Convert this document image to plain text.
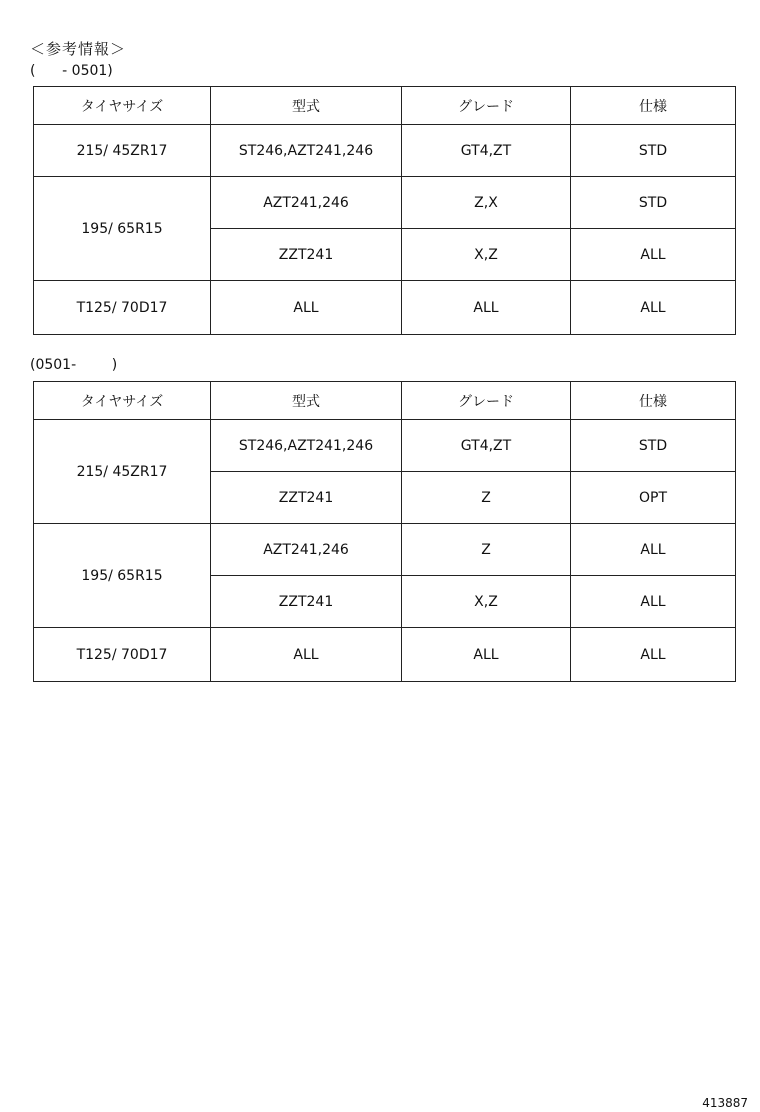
＜参考情報＞
(      - 0501)
タイヤサイズ	型式	グレード	仕様
215/ 45ZR17	ST246,AZT241,246	GT4,ZT	STD
195/ 65R15	AZT241,246	Z,X	STD
	ZZT241	X,Z	ALL
T125/ 70D17	ALL	ALL	ALL
(0501-        )
タイヤサイズ	型式	グレード	仕様
215/ 45ZR17	ST246,AZT241,246	GT4,ZT	STD
	ZZT241	Z	OPT
195/ 65R15	AZT241,246	Z	ALL
	ZZT241	X,Z	ALL
T125/ 70D17	ALL	ALL	ALL
413887
